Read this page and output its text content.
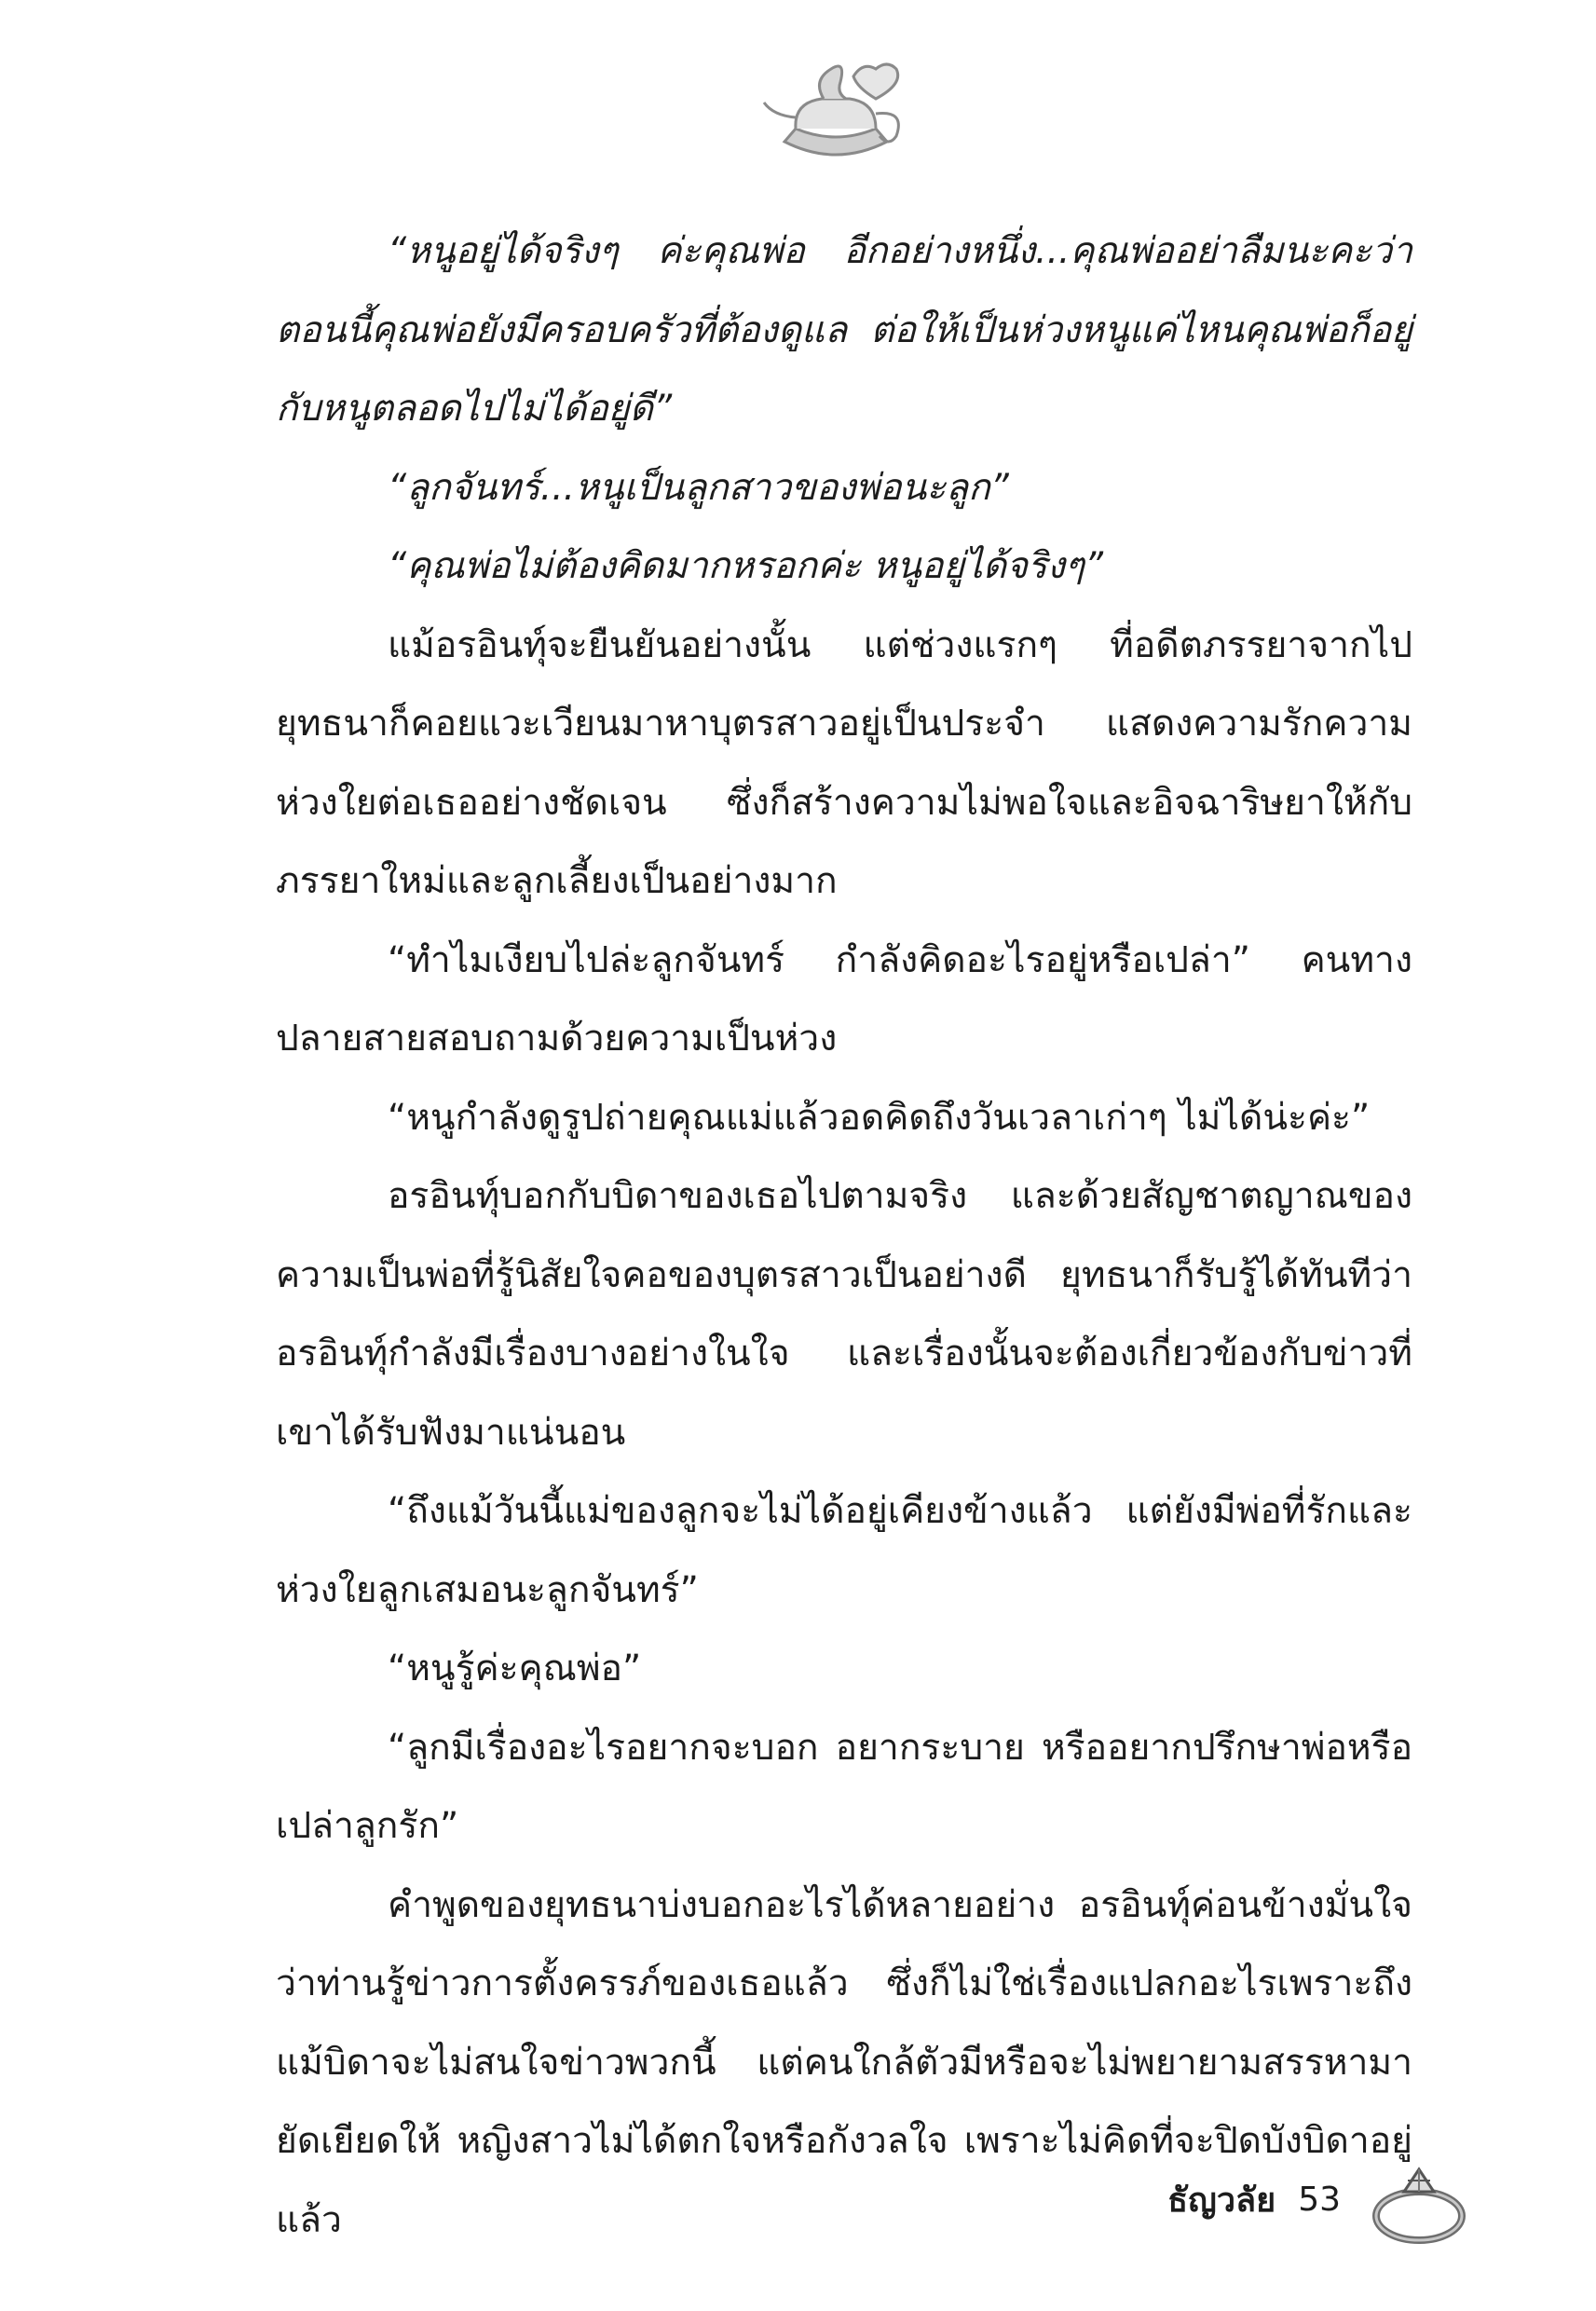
“หนูอยู่ได้จริงๆ ค่ะคุณพ่อ อีกอย่างหนึ่ง...คุณพ่ออย่าลืมนะคะว่าตอนนี้คุณพ่อยังมีครอบครัวที่ต้องดูแล ต่อให้เป็นห่วงหนูแค่ไหนคุณพ่อก็อยู่กับหนูตลอดไปไม่ได้อยู่ดี”

“ลูกจันทร์...หนูเป็นลูกสาวของพ่อนะลูก”

“คุณพ่อไม่ต้องคิดมากหรอกค่ะ หนูอยู่ได้จริงๆ”

แม้อรอินทุ์จะยืนยันอย่างนั้น แต่ช่วงแรกๆ ที่อดีตภรรยาจากไปยุทธนาก็คอยแวะเวียนมาหาบุตรสาวอยู่เป็นประจำ แสดงความรักความห่วงใยต่อเธออย่างชัดเจน ซึ่งก็สร้างความไม่พอใจและอิจฉาริษยาให้กับภรรยาใหม่และลูกเลี้ยงเป็นอย่างมาก

“ทำไมเงียบไปล่ะลูกจันทร์ กำลังคิดอะไรอยู่หรือเปล่า” คนทางปลายสายสอบถามด้วยความเป็นห่วง

“หนูกำลังดูรูปถ่ายคุณแม่แล้วอดคิดถึงวันเวลาเก่าๆ ไม่ได้น่ะค่ะ”

อรอินทุ์บอกกับบิดาของเธอไปตามจริง และด้วยสัญชาตญาณของความเป็นพ่อที่รู้นิสัยใจคอของบุตรสาวเป็นอย่างดี ยุทธนาก็รับรู้ได้ทันทีว่าอรอินทุ์กำลังมีเรื่องบางอย่างในใจ และเรื่องนั้นจะต้องเกี่ยวข้องกับข่าวที่เขาได้รับฟังมาแน่นอน

“ถึงแม้วันนี้แม่ของลูกจะไม่ได้อยู่เคียงข้างแล้ว แต่ยังมีพ่อที่รักและห่วงใยลูกเสมอนะลูกจันทร์”

“หนูรู้ค่ะคุณพ่อ”

“ลูกมีเรื่องอะไรอยากจะบอก อยากระบาย หรืออยากปรึกษาพ่อหรือเปล่าลูกรัก”

คำพูดของยุทธนาบ่งบอกอะไรได้หลายอย่าง อรอินทุ์ค่อนข้างมั่นใจว่าท่านรู้ข่าวการตั้งครรภ์ของเธอแล้ว ซึ่งก็ไม่ใช่เรื่องแปลกอะไรเพราะถึงแม้บิดาจะไม่สนใจข่าวพวกนี้ แต่คนใกล้ตัวมีหรือจะไม่พยายามสรรหามายัดเยียดให้ หญิงสาวไม่ได้ตกใจหรือกังวลใจ เพราะไม่คิดที่จะปิดบังบิดาอยู่แล้ว	ธัญวลัย 53
